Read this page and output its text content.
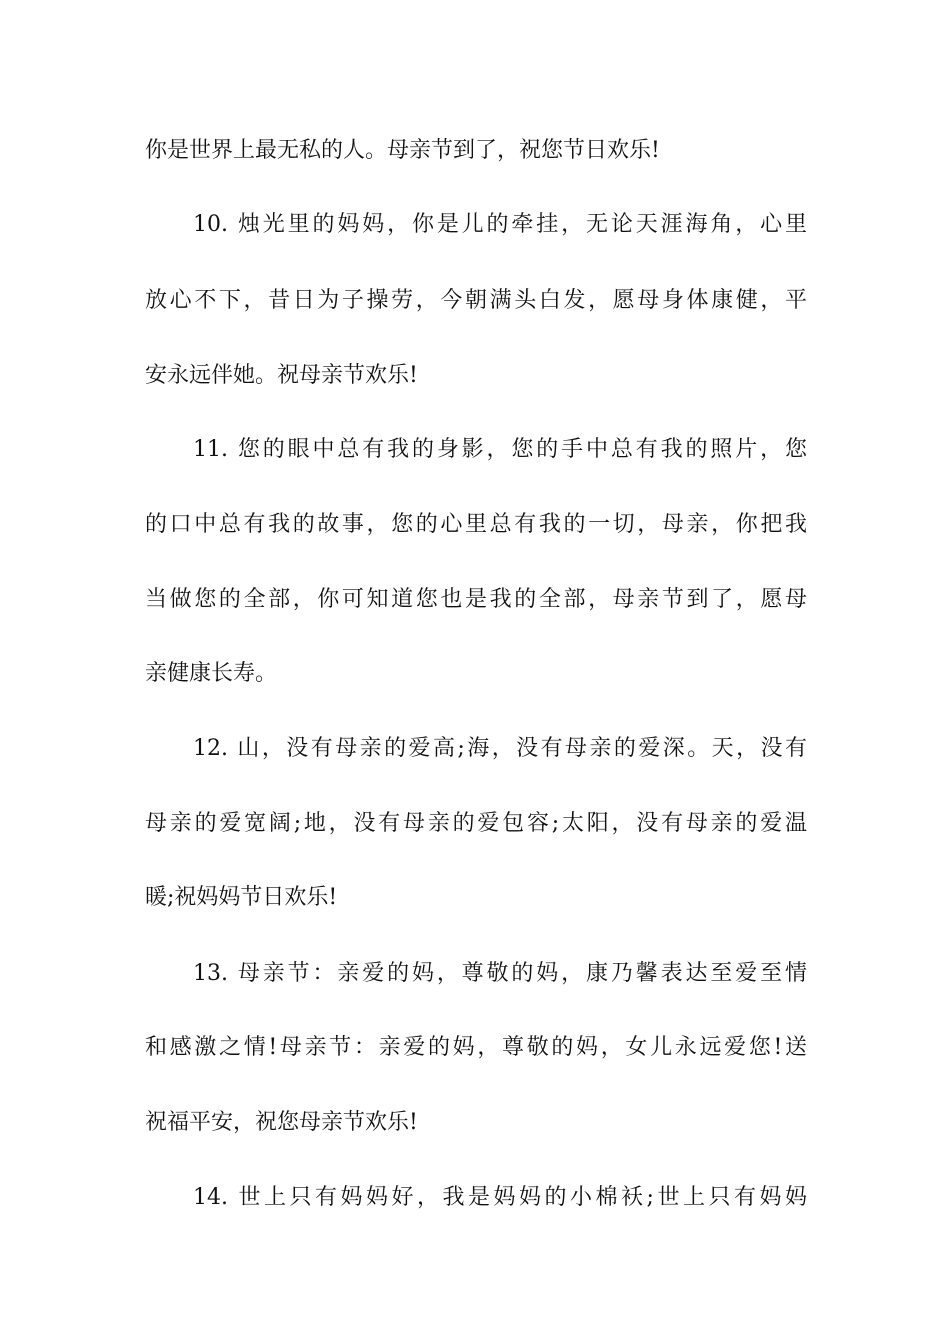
你是世界上最无私的人。母亲节到了，祝您节日欢乐!
10. 烛光里的妈妈，你是儿的牵挂，无论天涯海角，心里
放心不下，昔日为子操劳，今朝满头白发，愿母身体康健，平
安永远伴她。祝母亲节欢乐!
11. 您的眼中总有我的身影，您的手中总有我的照片，您
的口中总有我的故事，您的心里总有我的一切，母亲，你把我
当做您的全部，你可知道您也是我的全部，母亲节到了，愿母
亲健康长寿。
12. 山，没有母亲的爱高;海，没有母亲的爱深。天，没有
母亲的爱宽阔;地，没有母亲的爱包容;太阳，没有母亲的爱温
暖;祝妈妈节日欢乐!
13. 母亲节：亲爱的妈，尊敬的妈，康乃馨表达至爱至情
和感激之情!母亲节：亲爱的妈，尊敬的妈，女儿永远爱您!送
祝福平安，祝您母亲节欢乐!
14. 世上只有妈妈好，我是妈妈的小棉袄;世上只有妈妈
